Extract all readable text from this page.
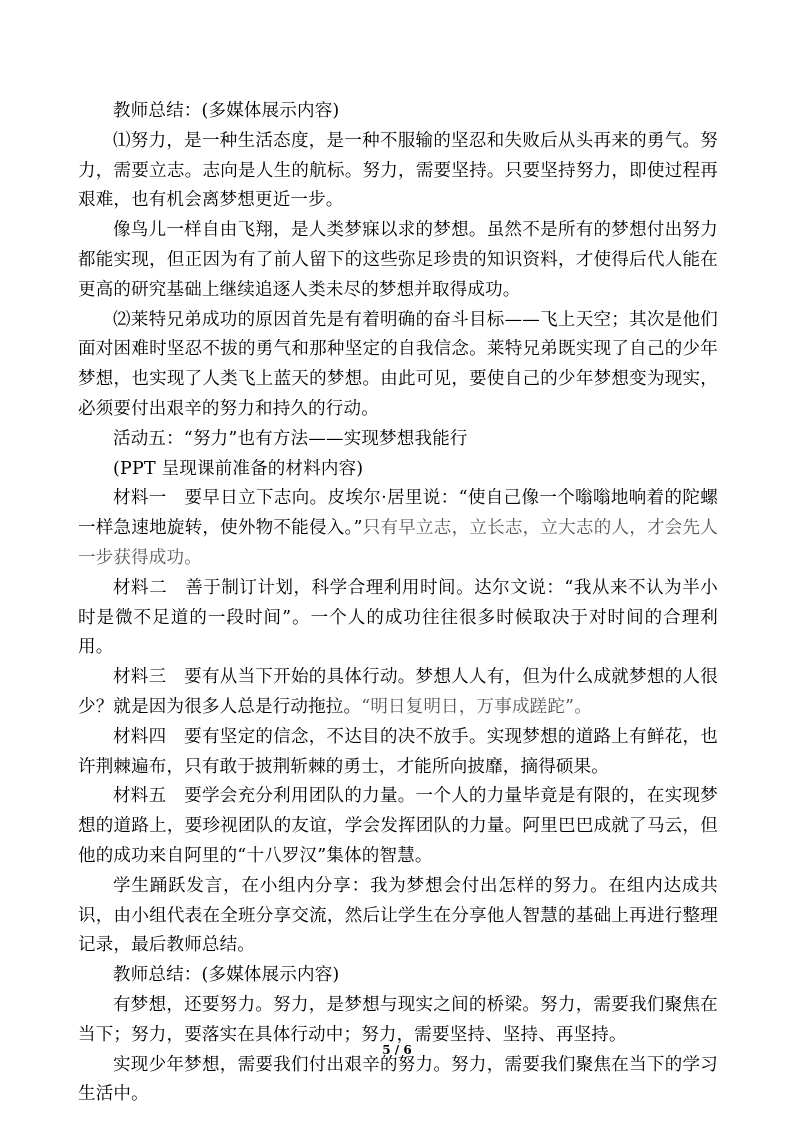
教师总结：(多媒体展示内容)

⑴努力，是一种生活态度，是一种不服输的坚忍和失败后从头再来的勇气。努力，需要立志。志向是人生的航标。努力，需要坚持。只要坚持努力，即使过程再艰难，也有机会离梦想更近一步。

像鸟儿一样自由飞翔，是人类梦寐以求的梦想。虽然不是所有的梦想付出努力都能实现，但正因为有了前人留下的这些弥足珍贵的知识资料，才使得后代人能在更高的研究基础上继续追逐人类未尽的梦想并取得成功。

⑵莱特兄弟成功的原因首先是有着明确的奋斗目标——飞上天空；其次是他们面对困难时坚忍不拔的勇气和那种坚定的自我信念。莱特兄弟既实现了自己的少年梦想，也实现了人类飞上蓝天的梦想。由此可见，要使自己的少年梦想变为现实，必须要付出艰辛的努力和持久的行动。

活动五：“努力”也有方法——实现梦想我能行

(PPT 呈现课前准备的材料内容)

材料一　要早日立下志向。皮埃尔·居里说：“使自己像一个嗡嗡地响着的陀螺一样急速地旋转，使外物不能侵入。”只有早立志，立长志，立大志的人，才会先人一步获得成功。

材料二　善于制订计划，科学合理利用时间。达尔文说：“我从来不认为半小时是微不足道的一段时间”。一个人的成功往往很多时候取决于对时间的合理利用。

材料三　要有从当下开始的具体行动。梦想人人有，但为什么成就梦想的人很少？就是因为很多人总是行动拖拉。“明日复明日，万事成蹉跎”。

材料四　要有坚定的信念，不达目的决不放手。实现梦想的道路上有鲜花，也许荆棘遍布，只有敢于披荆斩棘的勇士，才能所向披靡，摘得硕果。

材料五　要学会充分利用团队的力量。一个人的力量毕竟是有限的，在实现梦想的道路上，要珍视团队的友谊，学会发挥团队的力量。阿里巴巴成就了马云，但他的成功来自阿里的“十八罗汉”集体的智慧。

学生踊跃发言，在小组内分享：我为梦想会付出怎样的努力。在组内达成共识，由小组代表在全班分享交流，然后让学生在分享他人智慧的基础上再进行整理记录，最后教师总结。

教师总结：(多媒体展示内容)

有梦想，还要努力。努力，是梦想与现实之间的桥梁。努力，需要我们聚焦在当下；努力，要落实在具体行动中；努力，需要坚持、坚持、再坚持。

实现少年梦想，需要我们付出艰辛的努力。努力，需要我们聚焦在当下的学习生活中。

5 / 6
